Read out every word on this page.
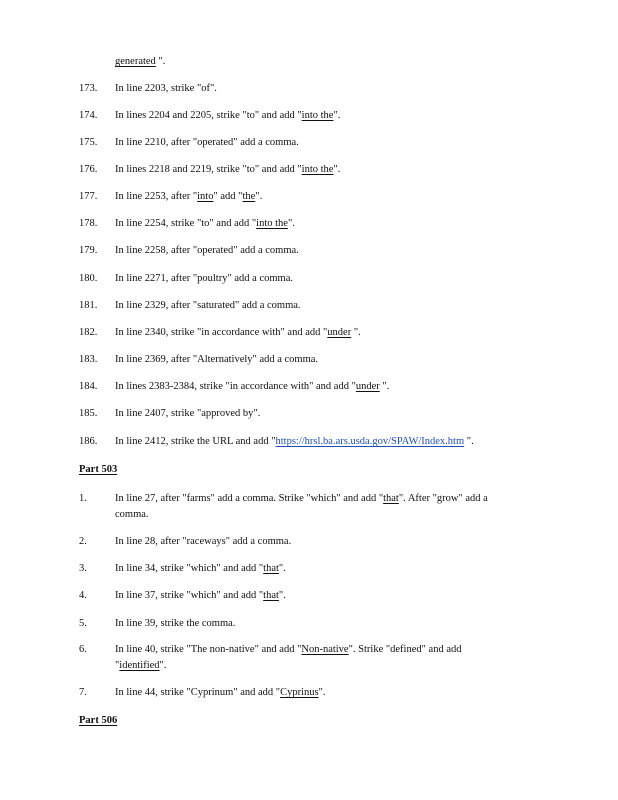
generated ".
173. In line 2203, strike "of".
174. In lines 2204 and 2205, strike "to" and add "into the".
175. In line 2210, after "operated" add a comma.
176. In lines 2218 and 2219, strike "to" and add "into the".
177. In line 2253, after "into" add "the".
178. In line 2254, strike "to" and add "into the".
179. In line 2258, after "operated" add a comma.
180. In line 2271, after "poultry" add a comma.
181. In line 2329, after "saturated" add a comma.
182. In line 2340, strike "in accordance with" and add "under ".
183. In line 2369, after "Alternatively" add a comma.
184. In lines 2383-2384, strike "in accordance with" and add "under ".
185. In line 2407, strike "approved by".
186. In line 2412, strike the URL and add "https://hrsl.ba.ars.usda.gov/SPAW/Index.htm ".
Part 503
1.	In line 27, after "farms" add a comma. Strike "which" and add "that". After "grow" add a
comma.
2.	In line 28, after "raceways" add a comma.
3.	In line 34, strike "which" and add "that".
4.	In line 37, strike "which" and add "that".
5.	In line 39, strike the comma.
6.	In line 40, strike "The non-native" and add "Non-native". Strike "defined" and add
"identified".
7.	In line 44, strike "Cyprinum" and add "Cyprinus".
Part 506
